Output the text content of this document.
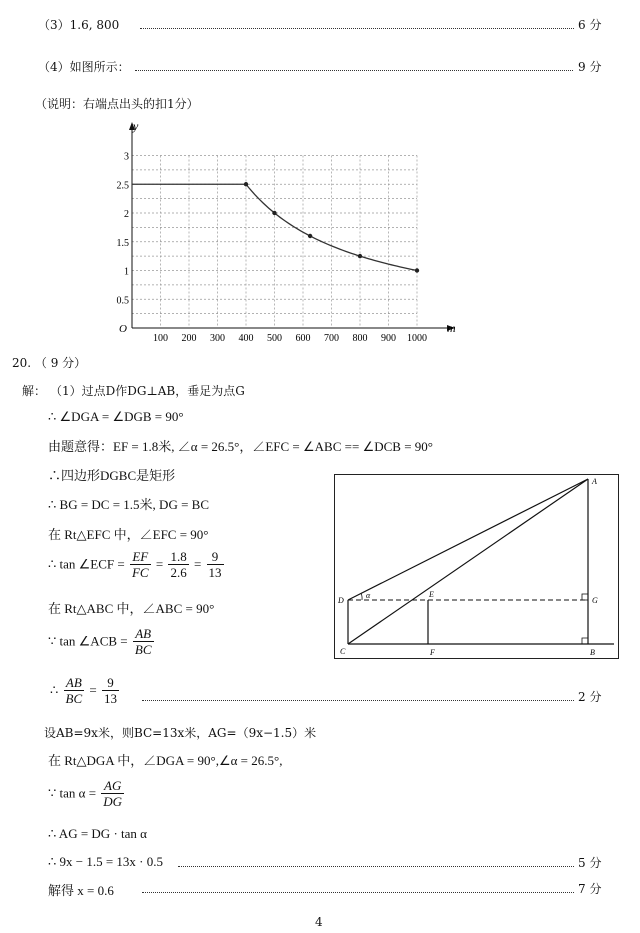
（3）1.6, 800	6 分
（4）如图所示：	9 分
（说明：右端点出头的扣1分）
y
m
O
100 200 300 400 500 600 700 800 900 1000
0.5
1
1.5
2
2.5
3
20. （ 9 分）
解： （1）过点D作DG⊥AB，垂足为点G
∴ ∠DGA = ∠DGB = 90°
由题意得：EF = 1.8米, ∠α = 26.5°，∠EFC = ∠ABC == ∠DCB = 90°
∴四边形DGBC是矩形
∴ BG = DC = 1.5米, DG = BC
在 Rt△EFC 中，∠EFC = 90°
∴ tan ∠ECF = $\frac{EF}{FC} = \frac{1.8}{2.6} = \frac{9}{13}$
在 Rt△ABC 中，∠ABC = 90°
∵ tan ∠ACB = $\frac{AB}{BC}$
∴ $\frac{AB}{BC} = \frac{9}{13}$	2 分
设AB=9x米，则BC=13x米，AG=（9x−1.5）米
在 Rt△DGA 中，∠DGA = 90°,∠α = 26.5°,
∵ $\tan \alpha = \frac{AG}{DG}$
∴ AG = DG · tan α
∴ 9x − 1.5 = 13x · 0.5	5 分
解得 x = 0.6	7 分
4
A
D
α	E
G
C	F	B
